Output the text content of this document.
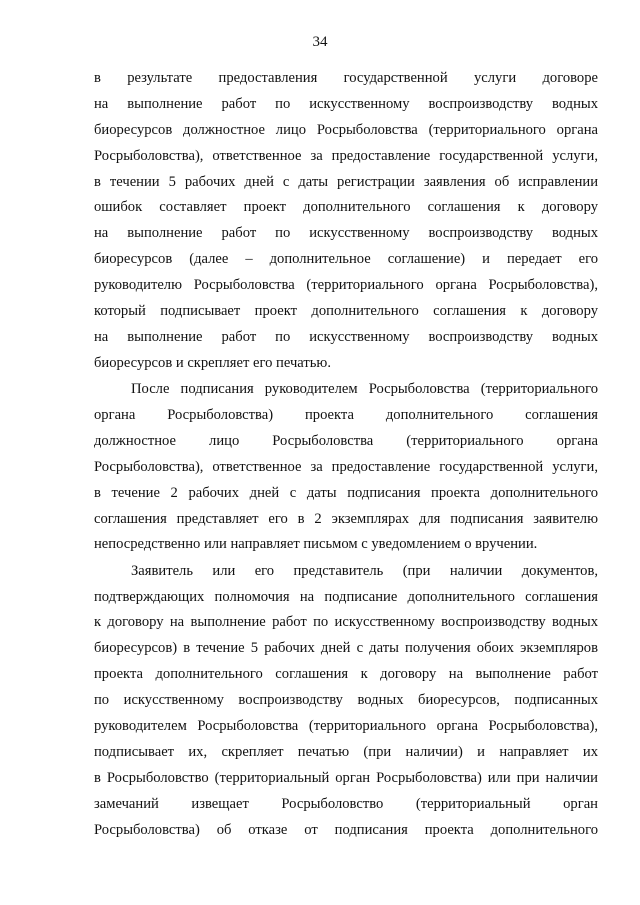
34
в результате предоставления государственной услуги договоре
на выполнение работ по искусственному воспроизводству водных
биоресурсов должностное лицо Росрыболовства (территориального органа
Росрыболовства), ответственное за предоставление государственной услуги,
в течении 5 рабочих дней с даты регистрации заявления об исправлении
ошибок составляет проект дополнительного соглашения к договору
на выполнение работ по искусственному воспроизводству водных
биоресурсов (далее – дополнительное соглашение) и передает его
руководителю Росрыболовства (территориального органа Росрыболовства),
который подписывает проект дополнительного соглашения к договору
на выполнение работ по искусственному воспроизводству водных
биоресурсов и скрепляет его печатью.
После подписания руководителем Росрыболовства (территориального
органа Росрыболовства) проекта дополнительного соглашения
должностное лицо Росрыболовства (территориального органа
Росрыболовства), ответственное за предоставление государственной услуги,
в течение 2 рабочих дней с даты подписания проекта дополнительного
соглашения представляет его в 2 экземплярах для подписания заявителю
непосредственно или направляет письмом с уведомлением о вручении.
Заявитель или его представитель (при наличии документов,
подтверждающих полномочия на подписание дополнительного соглашения
к договору на выполнение работ по искусственному воспроизводству водных
биоресурсов) в течение 5 рабочих дней с даты получения обоих экземпляров
проекта дополнительного соглашения к договору на выполнение работ
по искусственному воспроизводству водных биоресурсов, подписанных
руководителем Росрыболовства (территориального органа Росрыболовства),
подписывает их, скрепляет печатью (при наличии) и направляет их
в Росрыболовство (территориальный орган Росрыболовства) или при наличии
замечаний извещает Росрыболовство (территориальный орган
Росрыболовства) об отказе от подписания проекта дополнительного
